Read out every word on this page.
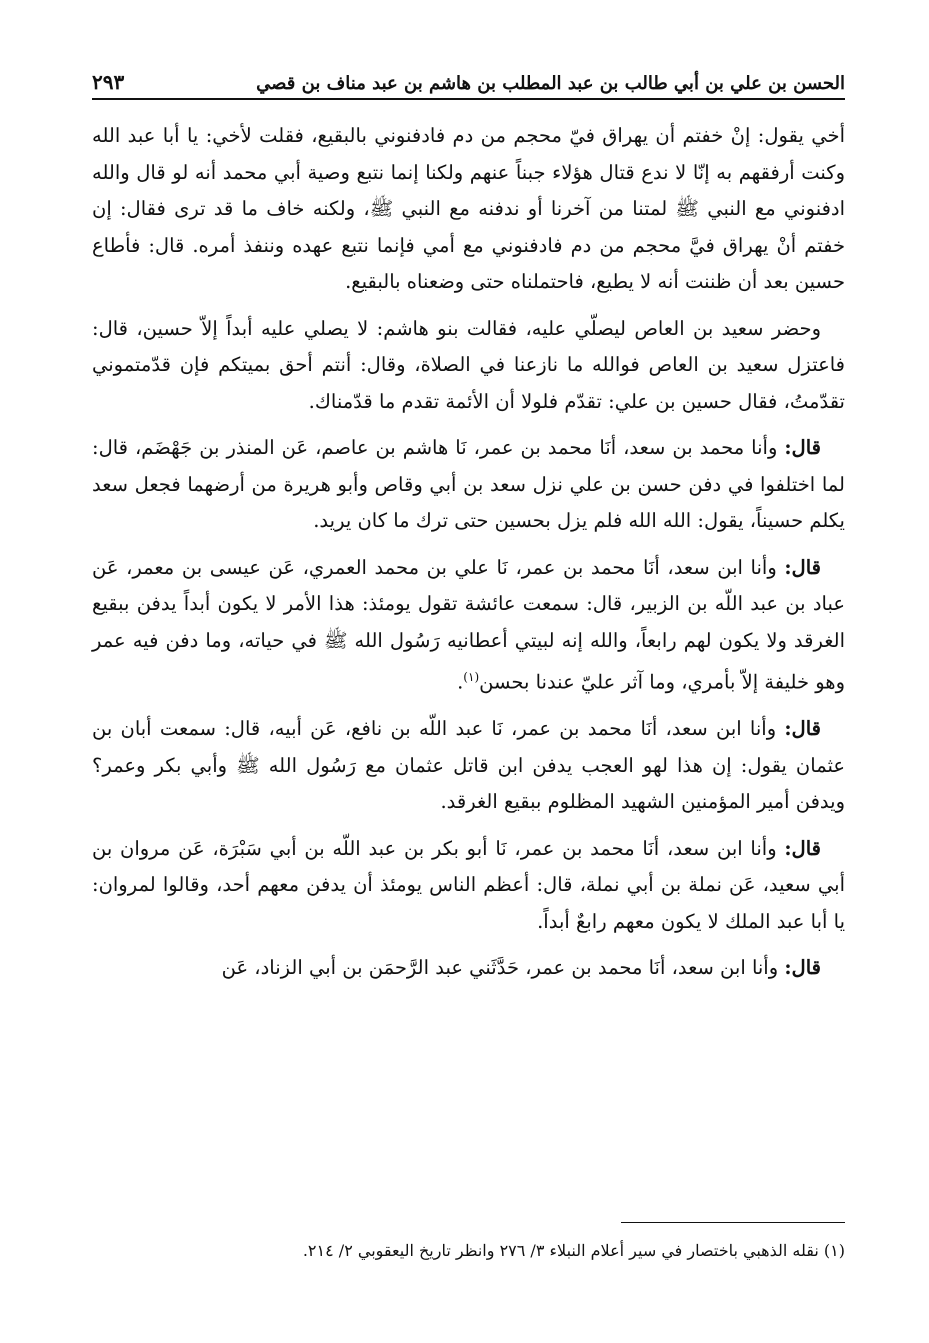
الحسن بن علي بن أبي طالب بن عبد المطلب بن هاشم بن عبد مناف بن قصي
٢٩٣

أخي يقول: إنْ خفتم أن يهراق فيّ محجم من دم فادفنوني بالبقيع، فقلت لأخي: يا أبا عبد الله وكنت أرفقهم به إنّا لا ندع قتال هؤلاء جبناً عنهم ولكنا إنما نتبع وصية أبي محمد أنه لو قال والله ادفنوني مع النبي ﷺ لمتنا من آخرنا أو ندفنه مع النبي ﷺ، ولكنه خاف ما قد ترى فقال: إن خفتم أنْ يهراق فيَّ محجم من دم فادفنوني مع أمي فإنما نتبع عهده وننفذ أمره. قال: فأطاع حسين بعد أن ظننت أنه لا يطيع، فاحتملناه حتى وضعناه بالبقيع.

وحضر سعيد بن العاص ليصلّي عليه، فقالت بنو هاشم: لا يصلي عليه أبداً إلاّ حسين، قال: فاعتزل سعيد بن العاص فوالله ما نازعنا في الصلاة، وقال: أنتم أحق بميتكم فإن قدّمتموني تقدّمتُ، فقال حسين بن علي: تقدّم فلولا أن الأئمة تقدم ما قدّمناك.

قال: وأنا محمد بن سعد، أنَا محمد بن عمر، نَا هاشم بن عاصم، عَن المنذر بن جَهْضَم، قال: لما اختلفوا في دفن حسن بن علي نزل سعد بن أبي وقاص وأبو هريرة من أرضهما فجعل سعد يكلم حسيناً، يقول: الله الله فلم يزل بحسين حتى ترك ما كان يريد.

قال: وأنا ابن سعد، أنَا محمد بن عمر، نَا علي بن محمد العمري، عَن عيسى بن معمر، عَن عباد بن عبد اللّه بن الزبير، قال: سمعت عائشة تقول يومئذ: هذا الأمر لا يكون أبداً يدفن ببقيع الغرقد ولا يكون لهم رابعاً، والله إنه لبيتي أعطانيه رَسُول الله ﷺ في حياته، وما دفن فيه عمر وهو خليفة إلاّ بأمري، وما آثر عليّ عندنا بحسن$^{(١)}$.

قال: وأنا ابن سعد، أنَا محمد بن عمر، نَا عبد اللّه بن نافع، عَن أبيه، قال: سمعت أبان بن عثمان يقول: إن هذا لهو العجب يدفن ابن قاتل عثمان مع رَسُول الله ﷺ وأبي بكر وعمر؟ ويدفن أمير المؤمنين الشهيد المظلوم ببقيع الغرقد.

قال: وأنا ابن سعد، أنَا محمد بن عمر، نَا أبو بكر بن عبد اللّه بن أبي سَبْرَة، عَن مروان بن أبي سعيد، عَن نملة بن أبي نملة، قال: أعظم الناس يومئذ أن يدفن معهم أحد، وقالوا لمروان: يا أبا عبد الملك لا يكون معهم رابعٌ أبداً.

قال: وأنا ابن سعد، أنَا محمد بن عمر، حَدَّثَني عبد الرَّحمَن بن أبي الزناد، عَن

(١) نقله الذهبي باختصار في سير أعلام النبلاء ٣/ ٢٧٦ وانظر تاريخ اليعقوبي ٢/ ٢١٤.
